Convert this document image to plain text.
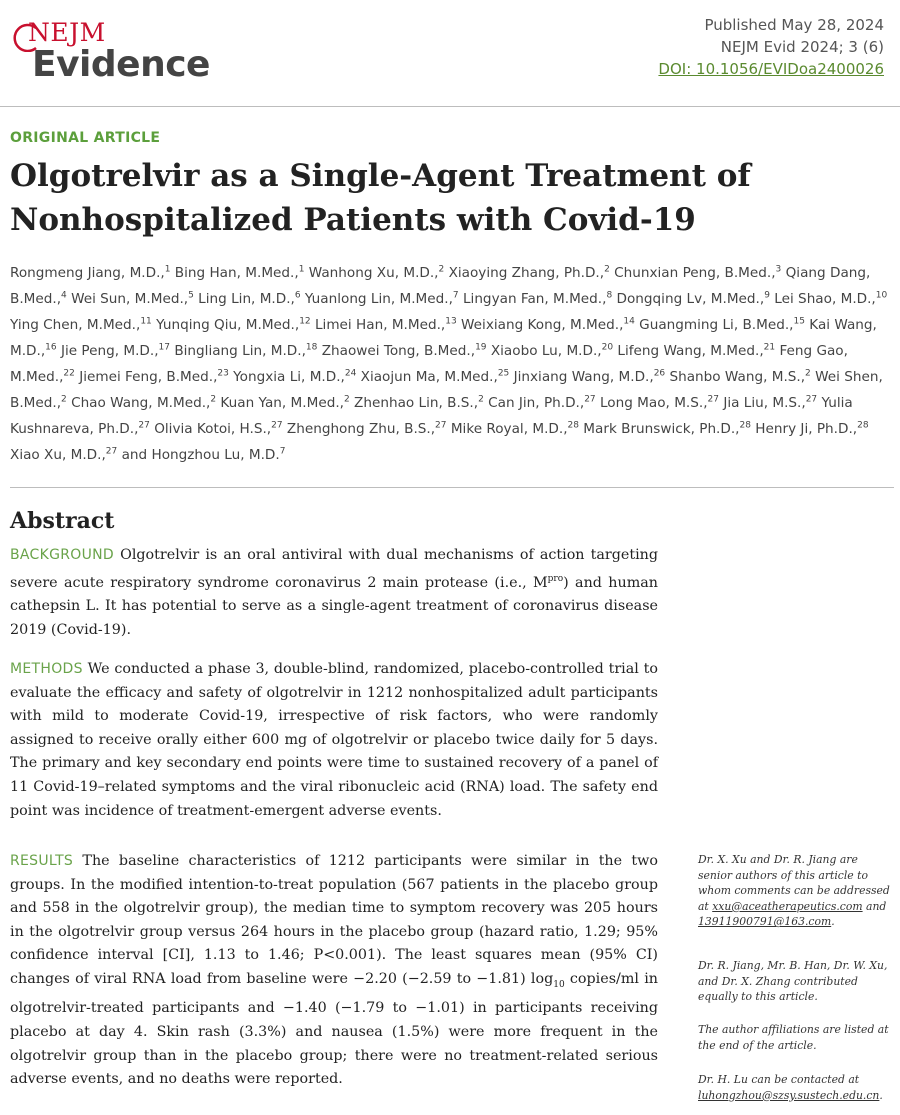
NEJM
Evidence
Published May 28, 2024
NEJM Evid 2024; 3 (6)
DOI: 10.1056/EVIDoa2400026
ORIGINAL ARTICLE
Olgotrelvir as a Single-Agent Treatment of
Nonhospitalized Patients with Covid-19
Rongmeng Jiang, M.D.,$^1$ Bing Han, M.Med.,$^1$ Wanhong Xu, M.D.,$^2$ Xiaoying Zhang, Ph.D.,$^2$ Chunxian Peng, B.Med.,$^3$ Qiang Dang, B.Med.,$^4$ Wei Sun, M.Med.,$^5$ Ling Lin, M.D.,$^6$ Yuanlong Lin, M.Med.,$^7$ Lingyan Fan, M.Med.,$^8$ Dongqing Lv, M.Med.,$^9$ Lei Shao, M.D.,$^{10}$ Ying Chen, M.Med.,$^{11}$ Yunqing Qiu, M.Med.,$^{12}$ Limei Han, M.Med.,$^{13}$ Weixiang Kong, M.Med.,$^{14}$ Guangming Li, B.Med.,$^{15}$ Kai Wang, M.D.,$^{16}$ Jie Peng, M.D.,$^{17}$ Bingliang Lin, M.D.,$^{18}$ Zhaowei Tong, B.Med.,$^{19}$ Xiaobo Lu, M.D.,$^{20}$ Lifeng Wang, M.Med.,$^{21}$ Feng Gao, M.Med.,$^{22}$ Jiemei Feng, B.Med.,$^{23}$ Yongxia Li, M.D.,$^{24}$ Xiaojun Ma, M.Med.,$^{25}$ Jinxiang Wang, M.D.,$^{26}$ Shanbo Wang, M.S.,$^2$ Wei Shen, B.Med.,$^2$ Chao Wang, M.Med.,$^2$ Kuan Yan, M.Med.,$^2$ Zhenhao Lin, B.S.,$^2$ Can Jin, Ph.D.,$^{27}$ Long Mao, M.S.,$^{27}$ Jia Liu, M.S.,$^{27}$ Yulia Kushnareva, Ph.D.,$^{27}$ Olivia Kotoi, H.S.,$^{27}$ Zhenghong Zhu, B.S.,$^{27}$ Mike Royal, M.D.,$^{28}$ Mark Brunswick, Ph.D.,$^{28}$ Henry Ji, Ph.D.,$^{28}$ Xiao Xu, M.D.,$^{27}$ and Hongzhou Lu, M.D.$^7$
Abstract
BACKGROUND Olgotrelvir is an oral antiviral with dual mechanisms of action targeting severe acute respiratory syndrome coronavirus 2 main protease (i.e., $M^{pro}$) and human cathepsin L. It has potential to serve as a single-agent treatment of coronavirus disease 2019 (Covid-19).
METHODS We conducted a phase 3, double-blind, randomized, placebo-controlled trial to evaluate the efficacy and safety of olgotrelvir in 1212 nonhospitalized adult participants with mild to moderate Covid-19, irrespective of risk factors, who were randomly assigned to receive orally either 600 mg of olgotrelvir or placebo twice daily for 5 days. The primary and key secondary end points were time to sustained recovery of a panel of 11 Covid-19–related symptoms and the viral ribonucleic acid (RNA) load. The safety end point was incidence of treatment-emergent adverse events.
RESULTS The baseline characteristics of 1212 participants were similar in the two groups. In the modified intention-to-treat population (567 patients in the placebo group and 558 in the olgotrelvir group), the median time to symptom recovery was 205 hours in the olgotrelvir group versus 264 hours in the placebo group (hazard ratio, 1.29; 95% confidence interval [CI], 1.13 to 1.46; P<0.001). The least squares mean (95% CI) changes of viral RNA load from baseline were −2.20 (−2.59 to −1.81) $\log_{10}$ copies/ml in olgotrelvir-treated participants and −1.40 (−1.79 to −1.01) in participants receiving placebo at day 4. Skin rash (3.3%) and nausea (1.5%) were more frequent in the olgotrelvir group than in the placebo group; there were no treatment-related serious adverse events, and no deaths were reported.
Dr. X. Xu and Dr. R. Jiang are senior authors of this article to whom comments can be addressed at xxu@aceatherapeutics.com and 13911900791@163.com.
Dr. R. Jiang, Mr. B. Han, Dr. W. Xu, and Dr. X. Zhang contributed equally to this article.
The author affiliations are listed at the end of the article.
Dr. H. Lu can be contacted at luhongzhou@szsy.sustech.edu.cn.
